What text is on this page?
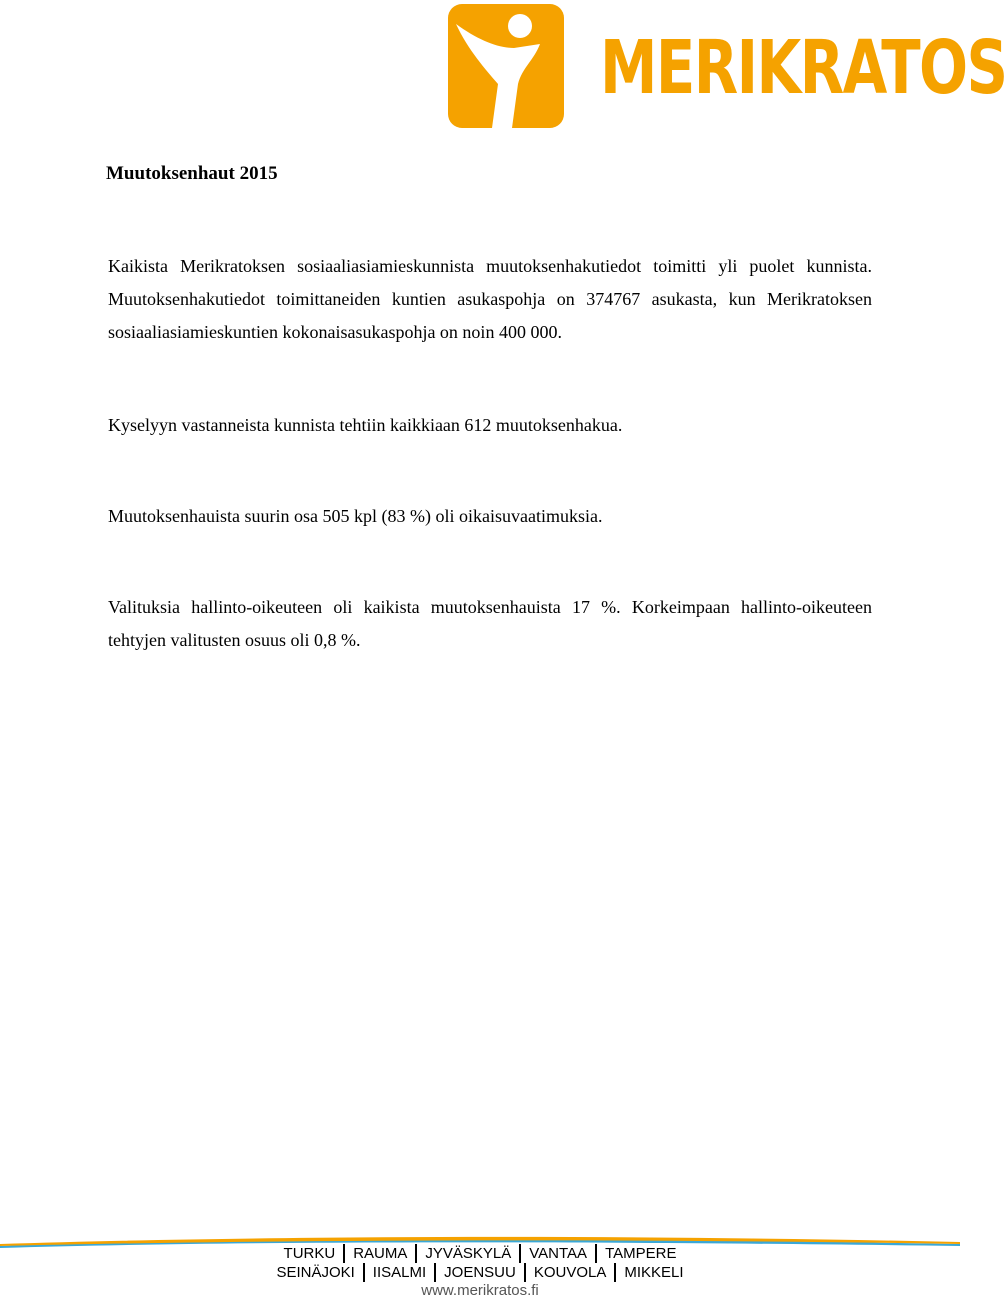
MERIKRATOS
Muutoksenhaut 2015

Kaikista Merikratoksen sosiaaliasiamieskunnista muutoksenhakutiedot toimitti yli puolet kunnista. Muutoksenhakutiedot toimittaneiden kuntien asukaspohja on 374767 asukasta, kun Merikratoksen sosiaaliasiamieskuntien kokonaisasukaspohja on noin 400 000.

Kyselyyn vastanneista kunnista tehtiin kaikkiaan 612 muutoksenhakua.

Muutoksenhauista suurin osa 505 kpl (83 %) oli oikaisuvaatimuksia.

Valituksia hallinto-oikeuteen oli kaikista muutoksenhauista 17 %. Korkeimpaan hallinto-oikeuteen tehtyjen valitusten osuus oli 0,8 %.

TURKU	RAUMA	JYVÄSKYLÄ	VANTAA	TAMPERE
SEINÄJOKI	IISALMI	JOENSUU	KOUVOLA	MIKKELI
www.merikratos.fi
